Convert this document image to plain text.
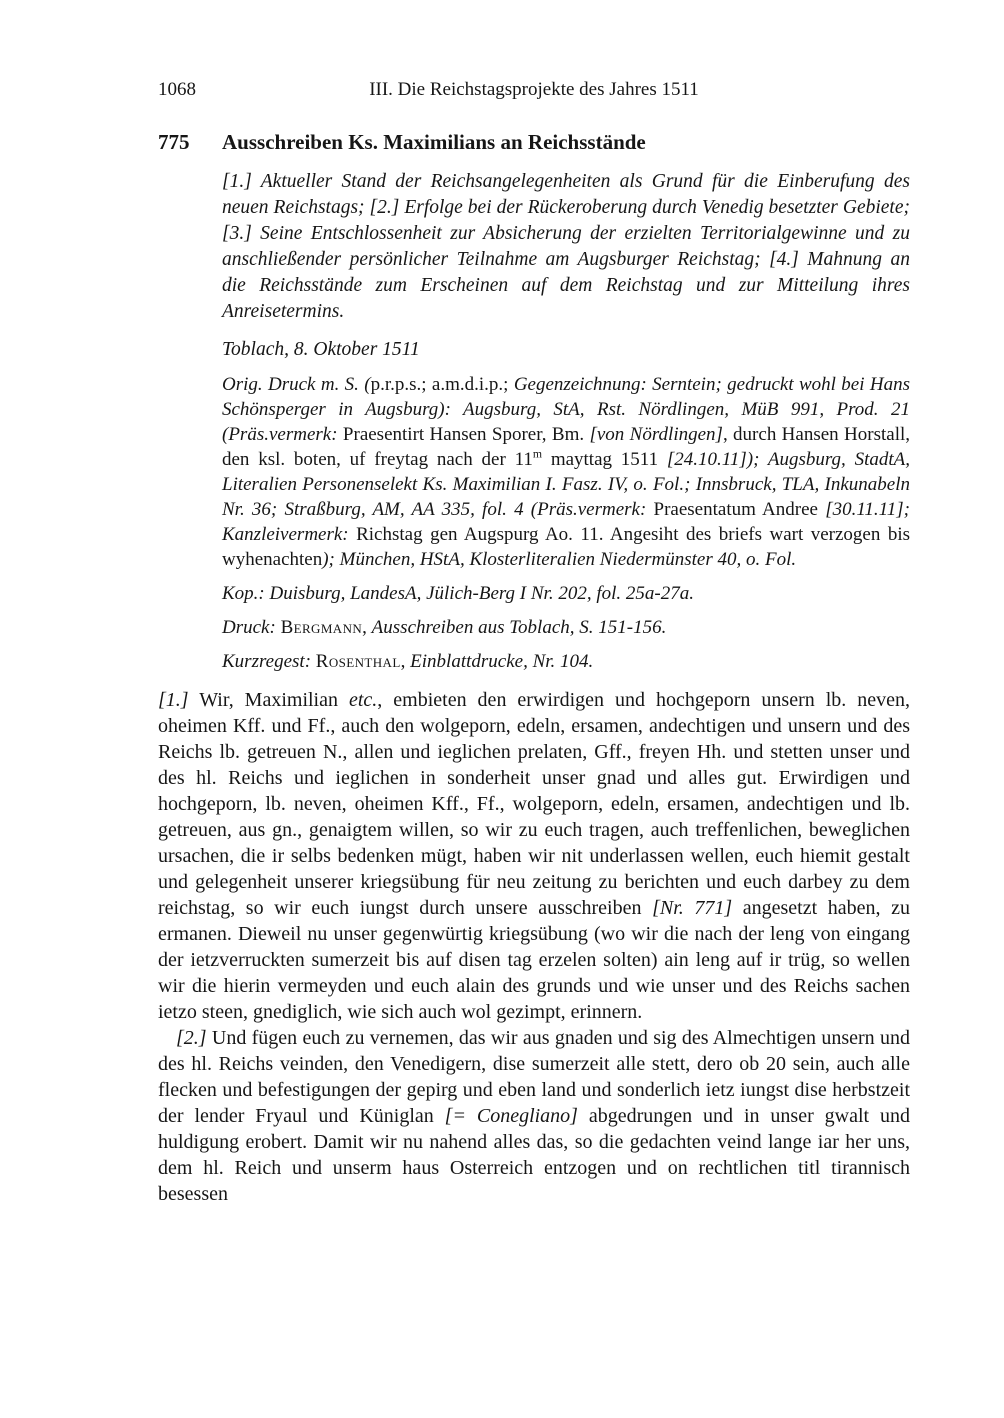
1068	III. Die Reichstagsprojekte des Jahres 1511
775	Ausschreiben Ks. Maximilians an Reichsstände

[1.] Aktueller Stand der Reichsangelegenheiten als Grund für die Einberufung des neuen Reichstags; [2.] Erfolge bei der Rückeroberung durch Venedig besetzter Gebiete; [3.] Seine Entschlossenheit zur Absicherung der erzielten Territorialgewinne und zu anschließender persönlicher Teilnahme am Augsburger Reichstag; [4.] Mahnung an die Reichsstände zum Erscheinen auf dem Reichstag und zur Mitteilung ihres Anreisetermins.

Toblach, 8. Oktober 1511

Orig. Druck m. S. (p.r.p.s.; a.m.d.i.p.; Gegenzeichnung: Serntein; gedruckt wohl bei Hans Schönsperger in Augsburg): Augsburg, StA, Rst. Nördlingen, MüB 991, Prod. 21 (Präs.vermerk: Praesentirt Hansen Sporer, Bm. [von Nördlingen], durch Hansen Horstall, den ksl. boten, uf freytag nach der 11$^m$ mayttag 1511 [24.10.11]); Augsburg, StadtA, Literalien Personenselekt Ks. Maximilian I. Fasz. IV, o. Fol.; Innsbruck, TLA, Inkunabeln Nr. 36; Straßburg, AM, AA 335, fol. 4 (Präs.vermerk: Praesentatum Andree [30.11.11]; Kanzleivermerk: Richstag gen Augspurg Ao. 11. Angesiht des briefs wart verzogen bis wyhenachten); München, HStA, Klosterliteralien Niedermünster 40, o. Fol.

Kop.: Duisburg, LandesA, Jülich-Berg I Nr. 202, fol. 25a-27a.

Druck: Bergmann, Ausschreiben aus Toblach, S. 151-156.

Kurzregest: Rosenthal, Einblattdrucke, Nr. 104.

[1.] Wir, Maximilian etc., embieten den erwirdigen und hochgeporn unsern lb. neven, oheimen Kff. und Ff., auch den wolgeporn, edeln, ersamen, andechtigen und unsern und des Reichs lb. getreuen N., allen und ieglichen prelaten, Gff., freyen Hh. und stetten unser und des hl. Reichs und ieglichen in sonderheit unser gnad und alles gut. Erwirdigen und hochgeporn, lb. neven, oheimen Kff., Ff., wolgeporn, edeln, ersamen, andechtigen und lb. getreuen, aus gn., genaigtem willen, so wir zu euch tragen, auch treffenlichen, beweglichen ursachen, die ir selbs bedenken mügt, haben wir nit underlassen wellen, euch hiemit gestalt und gelegenheit unserer kriegsübung für neu zeitung zu berichten und euch darbey zu dem reichstag, so wir euch iungst durch unsere ausschreiben [Nr. 771] angesetzt haben, zu ermanen. Dieweil nu unser gegenwürtig kriegsübung (wo wir die nach der leng von eingang der ietzverruckten sumerzeit bis auf disen tag erzelen solten) ain leng auf ir trüg, so wellen wir die hierin vermeyden und euch alain des grunds und wie unser und des Reichs sachen ietzo steen, gnediglich, wie sich auch wol gezimpt, erinnern.

[2.] Und fügen euch zu vernemen, das wir aus gnaden und sig des Almechtigen unsern und des hl. Reichs veinden, den Venedigern, dise sumerzeit alle stett, dero ob 20 sein, auch alle flecken und befestigungen der gepirg und eben land und sonderlich ietz iungst dise herbstzeit der lender Fryaul und Küniglan [= Conegliano] abgedrungen und in unser gwalt und huldigung erobert. Damit wir nu nahend alles das, so die gedachten veind lange iar her uns, dem hl. Reich und unserm haus Osterreich entzogen und on rechtlichen titl tirannisch besessen
